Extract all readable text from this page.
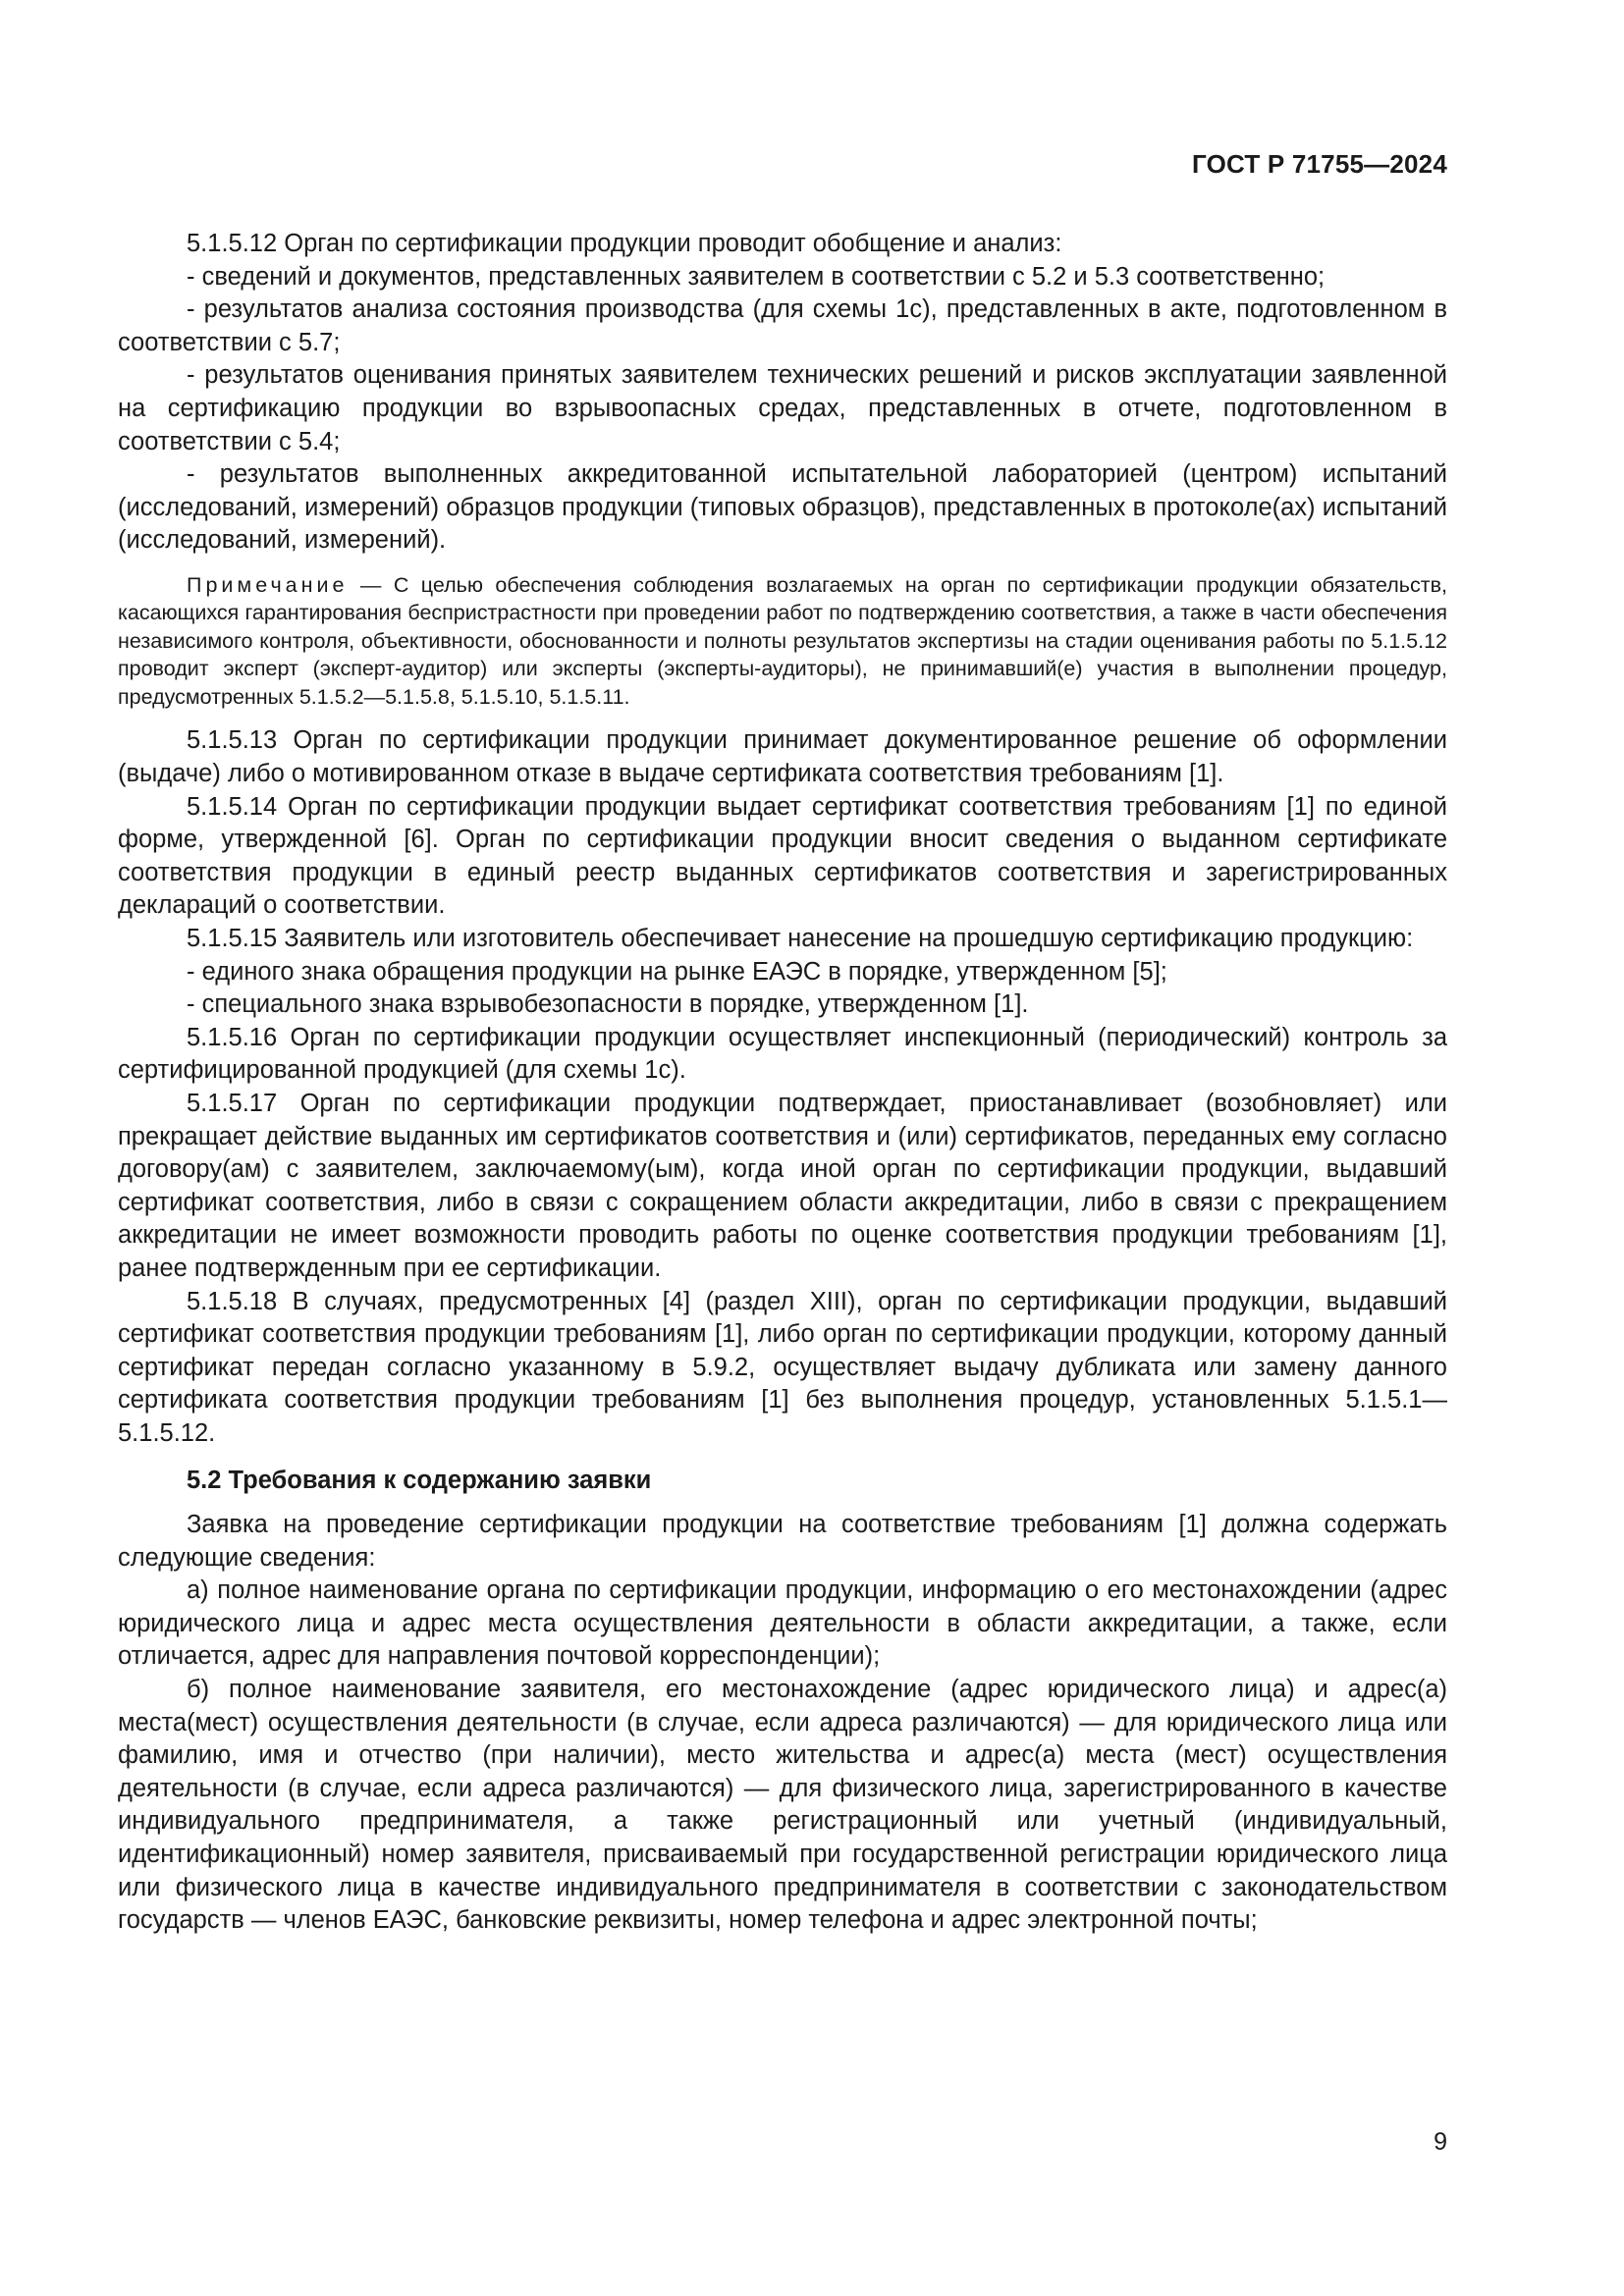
ГОСТ Р 71755—2024

5.1.5.12 Орган по сертификации продукции проводит обобщение и анализ:

- сведений и документов, представленных заявителем в соответствии с 5.2 и 5.3 соответственно;

- результатов анализа состояния производства (для схемы 1с), представленных в акте, подготовленном в соответствии с 5.7;

- результатов оценивания принятых заявителем технических решений и рисков эксплуатации заявленной на сертификацию продукции во взрывоопасных средах, представленных в отчете, подготовленном в соответствии с 5.4;

- результатов выполненных аккредитованной испытательной лабораторией (центром) испытаний (исследований, измерений) образцов продукции (типовых образцов), представленных в протоколе(ах) испытаний (исследований, измерений).

Примечание — С целью обеспечения соблюдения возлагаемых на орган по сертификации продукции обязательств, касающихся гарантирования беспристрастности при проведении работ по подтверждению соответствия, а также в части обеспечения независимого контроля, объективности, обоснованности и полноты результатов экспертизы на стадии оценивания работы по 5.1.5.12 проводит эксперт (эксперт-аудитор) или эксперты (эксперты-аудиторы), не принимавший(е) участия в выполнении процедур, предусмотренных 5.1.5.2—5.1.5.8, 5.1.5.10, 5.1.5.11.

5.1.5.13 Орган по сертификации продукции принимает документированное решение об оформлении (выдаче) либо о мотивированном отказе в выдаче сертификата соответствия требованиям [1].

5.1.5.14 Орган по сертификации продукции выдает сертификат соответствия требованиям [1] по единой форме, утвержденной [6]. Орган по сертификации продукции вносит сведения о выданном сертификате соответствия продукции в единый реестр выданных сертификатов соответствия и зарегистрированных деклараций о соответствии.

5.1.5.15 Заявитель или изготовитель обеспечивает нанесение на прошедшую сертификацию продукцию:

- единого знака обращения продукции на рынке ЕАЭС в порядке, утвержденном [5];

- специального знака взрывобезопасности в порядке, утвержденном [1].

5.1.5.16 Орган по сертификации продукции осуществляет инспекционный (периодический) контроль за сертифицированной продукцией (для схемы 1с).

5.1.5.17 Орган по сертификации продукции подтверждает, приостанавливает (возобновляет) или прекращает действие выданных им сертификатов соответствия и (или) сертификатов, переданных ему согласно договору(ам) с заявителем, заключаемому(ым), когда иной орган по сертификации продукции, выдавший сертификат соответствия, либо в связи с сокращением области аккредитации, либо в связи с прекращением аккредитации не имеет возможности проводить работы по оценке соответствия продукции требованиям [1], ранее подтвержденным при ее сертификации.

5.1.5.18 В случаях, предусмотренных [4] (раздел XIII), орган по сертификации продукции, выдавший сертификат соответствия продукции требованиям [1], либо орган по сертификации продукции, которому данный сертификат передан согласно указанному в 5.9.2, осуществляет выдачу дубликата или замену данного сертификата соответствия продукции требованиям [1] без выполнения процедур, установленных 5.1.5.1—5.1.5.12.

5.2 Требования к содержанию заявки

Заявка на проведение сертификации продукции на соответствие требованиям [1] должна содержать следующие сведения:

а) полное наименование органа по сертификации продукции, информацию о его местонахождении (адрес юридического лица и адрес места осуществления деятельности в области аккредитации, а также, если отличается, адрес для направления почтовой корреспонденции);

б) полное наименование заявителя, его местонахождение (адрес юридического лица) и адрес(а) места(мест) осуществления деятельности (в случае, если адреса различаются) — для юридического лица или фамилию, имя и отчество (при наличии), место жительства и адрес(а) места (мест) осуществления деятельности (в случае, если адреса различаются) — для физического лица, зарегистрированного в качестве индивидуального предпринимателя, а также регистрационный или учетный (индивидуальный, идентификационный) номер заявителя, присваиваемый при государственной регистрации юридического лица или физического лица в качестве индивидуального предпринимателя в соответствии с законодательством государств — членов ЕАЭС, банковские реквизиты, номер телефона и адрес электронной почты;

9
